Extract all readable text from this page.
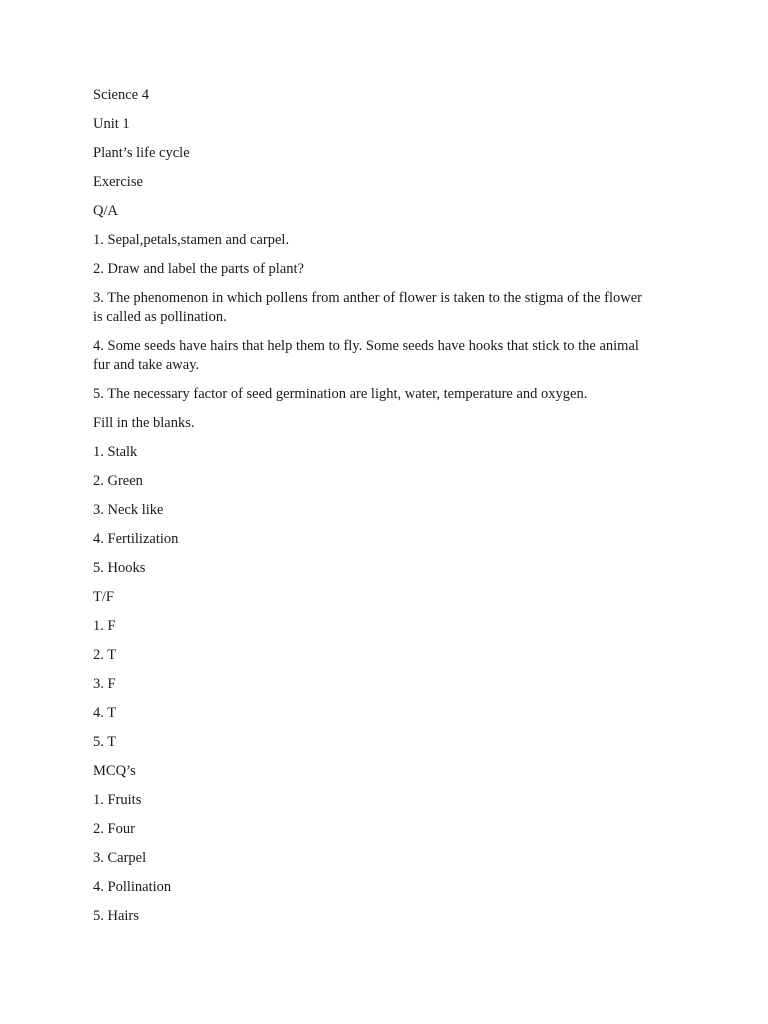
Science 4
Unit 1
Plant’s life cycle
Exercise
Q/A
1. Sepal,petals,stamen and carpel.
2. Draw and label the parts of plant?
3. The phenomenon in which pollens from anther of flower is taken to the stigma of the flower is called as pollination.
4. Some seeds have hairs that help them to fly. Some seeds have hooks that stick to the animal fur and take away.
5. The necessary factor of seed germination are light, water, temperature and oxygen.
Fill in the blanks.
1. Stalk
2. Green
3. Neck like
4. Fertilization
5. Hooks
T/F
1. F
2. T
3. F
4. T
5. T
MCQ’s
1. Fruits
2. Four
3. Carpel
4. Pollination
5. Hairs
